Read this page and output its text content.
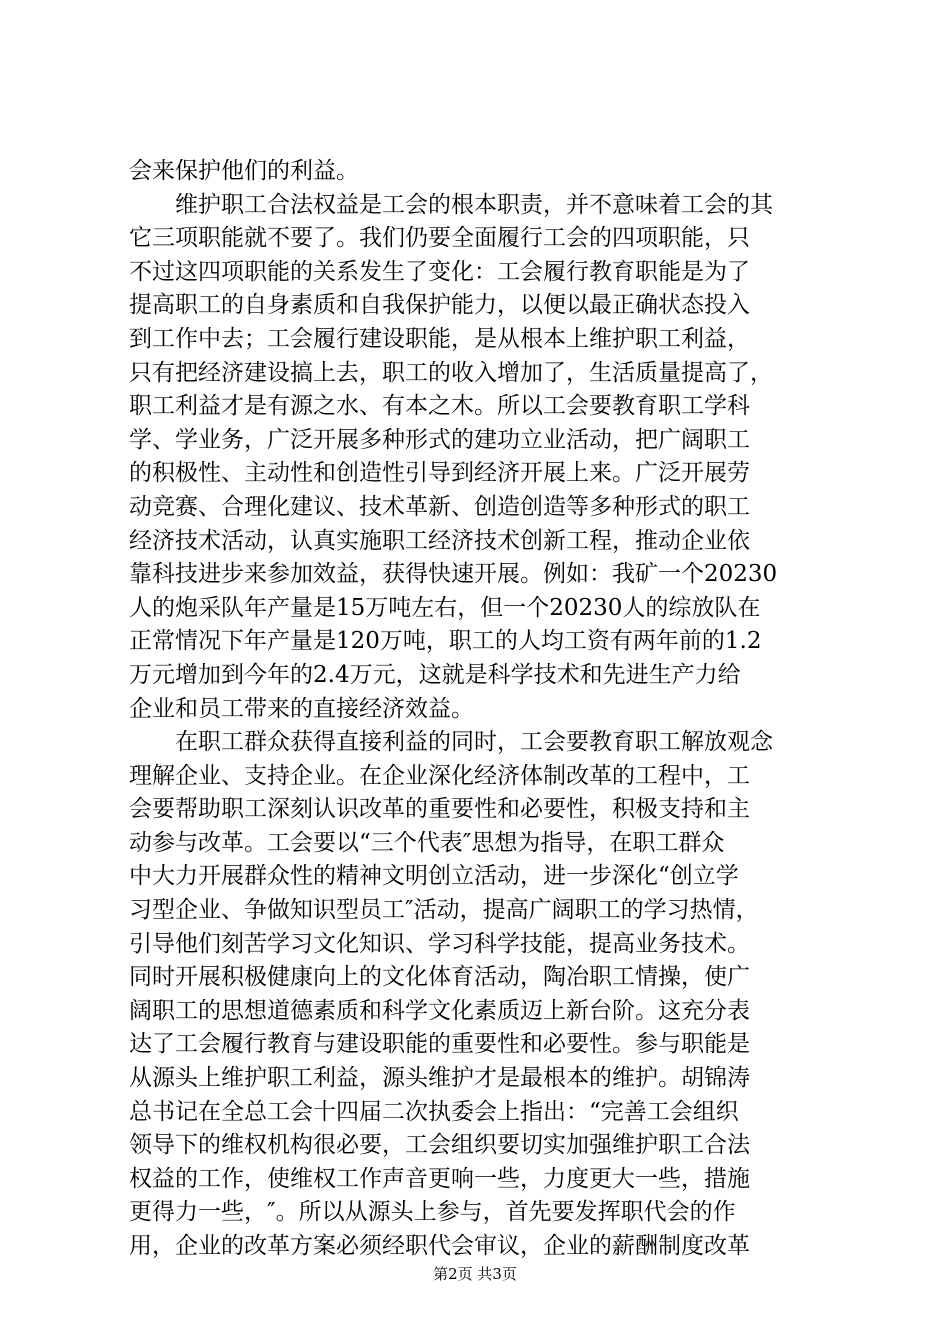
会来保护他们的利益。
　　维护职工合法权益是工会的根本职责，并不意味着工会的其
它三项职能就不要了。我们仍要全面履行工会的四项职能，只
不过这四项职能的关系发生了变化：工会履行教育职能是为了
提高职工的自身素质和自我保护能力，以便以最正确状态投入
到工作中去；工会履行建设职能，是从根本上维护职工利益，
只有把经济建设搞上去，职工的收入增加了，生活质量提高了，
职工利益才是有源之水、有本之木。所以工会要教育职工学科
学、学业务，广泛开展多种形式的建功立业活动，把广阔职工
的积极性、主动性和创造性引导到经济开展上来。广泛开展劳
动竞赛、合理化建议、技术革新、创造创造等多种形式的职工
经济技术活动，认真实施职工经济技术创新工程，推动企业依
靠科技进步来参加效益，获得快速开展。例如：我矿一个20230
人的炮采队年产量是15万吨左右，但一个20230人的综放队在
正常情况下年产量是120万吨，职工的人均工资有两年前的1.2
万元增加到今年的2.4万元，这就是科学技术和先进生产力给
企业和员工带来的直接经济效益。
　　在职工群众获得直接利益的同时，工会要教育职工解放观念
理解企业、支持企业。在企业深化经济体制改革的工程中，工
会要帮助职工深刻认识改革的重要性和必要性，积极支持和主
动参与改革。工会要以“三个代表″思想为指导，在职工群众
中大力开展群众性的精神文明创立活动，进一步深化“创立学
习型企业、争做知识型员工″活动，提高广阔职工的学习热情，
引导他们刻苦学习文化知识、学习科学技能，提高业务技术。
同时开展积极健康向上的文化体育活动，陶冶职工情操，使广
阔职工的思想道德素质和科学文化素质迈上新台阶。这充分表
达了工会履行教育与建设职能的重要性和必要性。参与职能是
从源头上维护职工利益，源头维护才是最根本的维护。胡锦涛
总书记在全总工会十四届二次执委会上指出：“完善工会组织
领导下的维权机构很必要，工会组织要切实加强维护职工合法
权益的工作，使维权工作声音更响一些，力度更大一些，措施
更得力一些，″。所以从源头上参与，首先要发挥职代会的作
用，企业的改革方案必须经职代会审议，企业的薪酬制度改革
第2页 共3页
